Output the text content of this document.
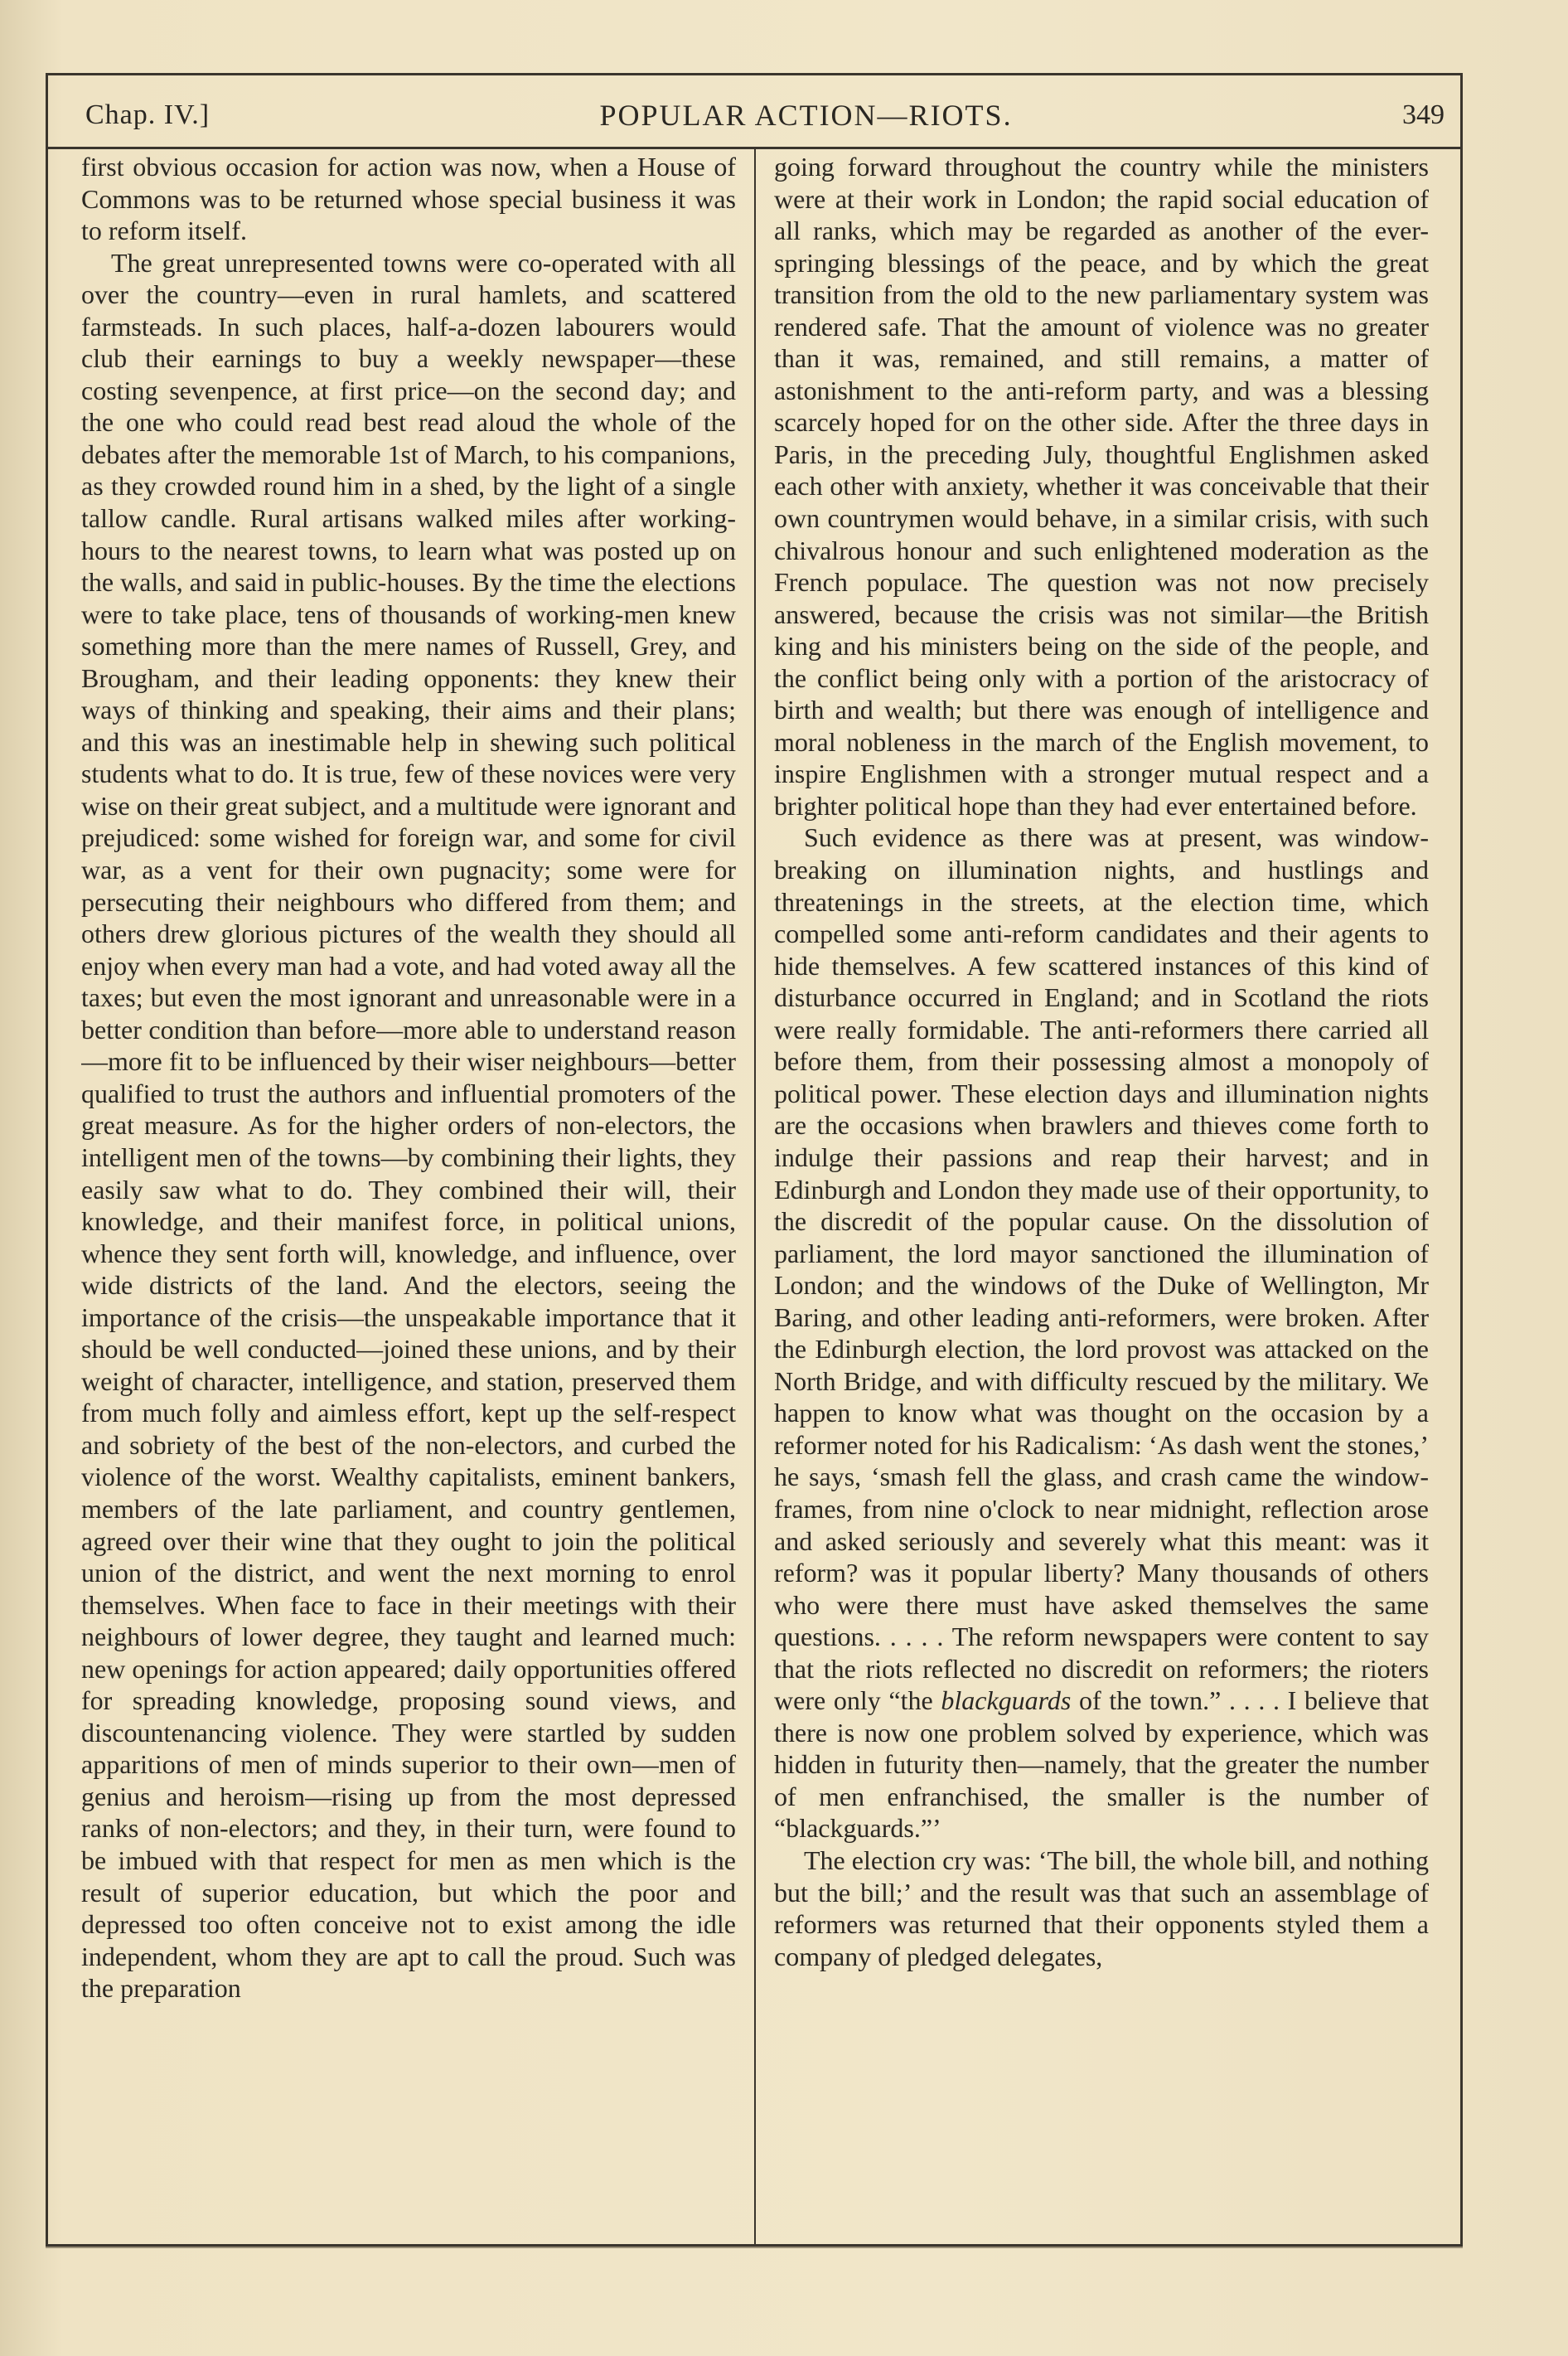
Chap. IV.]	POPULAR ACTION—RIOTS.	349

first obvious occasion for action was now, when a House of Commons was to be returned whose special business it was to reform itself.

The great unrepresented towns were co-operated with all over the country—even in rural hamlets, and scattered farmsteads. In such places, half-a-dozen labourers would club their earnings to buy a weekly newspaper—these costing sevenpence, at first price—on the second day; and the one who could read best read aloud the whole of the debates after the memorable 1st of March, to his companions, as they crowded round him in a shed, by the light of a single tallow candle. Rural artisans walked miles after working-hours to the nearest towns, to learn what was posted up on the walls, and said in public-houses. By the time the elections were to take place, tens of thousands of working-men knew something more than the mere names of Russell, Grey, and Brougham, and their leading opponents: they knew their ways of thinking and speaking, their aims and their plans; and this was an inestimable help in shewing such political students what to do. It is true, few of these novices were very wise on their great subject, and a multitude were ignorant and prejudiced: some wished for foreign war, and some for civil war, as a vent for their own pugnacity; some were for persecuting their neighbours who differed from them; and others drew glorious pictures of the wealth they should all enjoy when every man had a vote, and had voted away all the taxes; but even the most ignorant and unreasonable were in a better condition than before—more able to understand reason—more fit to be influenced by their wiser neighbours—better qualified to trust the authors and influential promoters of the great measure. As for the higher orders of non-electors, the intelligent men of the towns—by combining their lights, they easily saw what to do. They combined their will, their knowledge, and their manifest force, in political unions, whence they sent forth will, knowledge, and influence, over wide districts of the land. And the electors, seeing the importance of the crisis—the unspeakable importance that it should be well conducted—joined these unions, and by their weight of character, intelligence, and station, preserved them from much folly and aimless effort, kept up the self-respect and sobriety of the best of the non-electors, and curbed the violence of the worst. Wealthy capitalists, eminent bankers, members of the late parliament, and country gentlemen, agreed over their wine that they ought to join the political union of the district, and went the next morning to enrol themselves. When face to face in their meetings with their neighbours of lower degree, they taught and learned much: new openings for action appeared; daily opportunities offered for spreading knowledge, proposing sound views, and discountenancing violence. They were startled by sudden apparitions of men of minds superior to their own—men of genius and heroism—rising up from the most depressed ranks of non-electors; and they, in their turn, were found to be imbued with that respect for men as men which is the result of superior education, but which the poor and depressed too often conceive not to exist among the idle independent, whom they are apt to call the proud. Such was the preparation

going forward throughout the country while the ministers were at their work in London; the rapid social education of all ranks, which may be regarded as another of the ever-springing blessings of the peace, and by which the great transition from the old to the new parliamentary system was rendered safe. That the amount of violence was no greater than it was, remained, and still remains, a matter of astonishment to the anti-reform party, and was a blessing scarcely hoped for on the other side. After the three days in Paris, in the preceding July, thoughtful Englishmen asked each other with anxiety, whether it was conceivable that their own countrymen would behave, in a similar crisis, with such chivalrous honour and such enlightened moderation as the French populace. The question was not now precisely answered, because the crisis was not similar—the British king and his ministers being on the side of the people, and the conflict being only with a portion of the aristocracy of birth and wealth; but there was enough of intelligence and moral nobleness in the march of the English movement, to inspire Englishmen with a stronger mutual respect and a brighter political hope than they had ever entertained before.

Such evidence as there was at present, was window-breaking on illumination nights, and hustlings and threatenings in the streets, at the election time, which compelled some anti-reform candidates and their agents to hide themselves. A few scattered instances of this kind of disturbance occurred in England; and in Scotland the riots were really formidable. The anti-reformers there carried all before them, from their possessing almost a monopoly of political power. These election days and illumination nights are the occasions when brawlers and thieves come forth to indulge their passions and reap their harvest; and in Edinburgh and London they made use of their opportunity, to the discredit of the popular cause. On the dissolution of parliament, the lord mayor sanctioned the illumination of London; and the windows of the Duke of Wellington, Mr Baring, and other leading anti-reformers, were broken. After the Edinburgh election, the lord provost was attacked on the North Bridge, and with difficulty rescued by the military. We happen to know what was thought on the occasion by a reformer noted for his Radicalism: ‘As dash went the stones,’ he says, ‘smash fell the glass, and crash came the window-frames, from nine o'clock to near midnight, reflection arose and asked seriously and severely what this meant: was it reform? was it popular liberty? Many thousands of others who were there must have asked themselves the same questions. . . . . The reform newspapers were content to say that the riots reflected no discredit on reformers; the rioters were only “the blackguards of the town.” . . . . I believe that there is now one problem solved by experience, which was hidden in futurity then—namely, that the greater the number of men enfranchised, the smaller is the number of “blackguards.”’

The election cry was: ‘The bill, the whole bill, and nothing but the bill;’ and the result was that such an assemblage of reformers was returned that their opponents styled them a company of pledged delegates,
